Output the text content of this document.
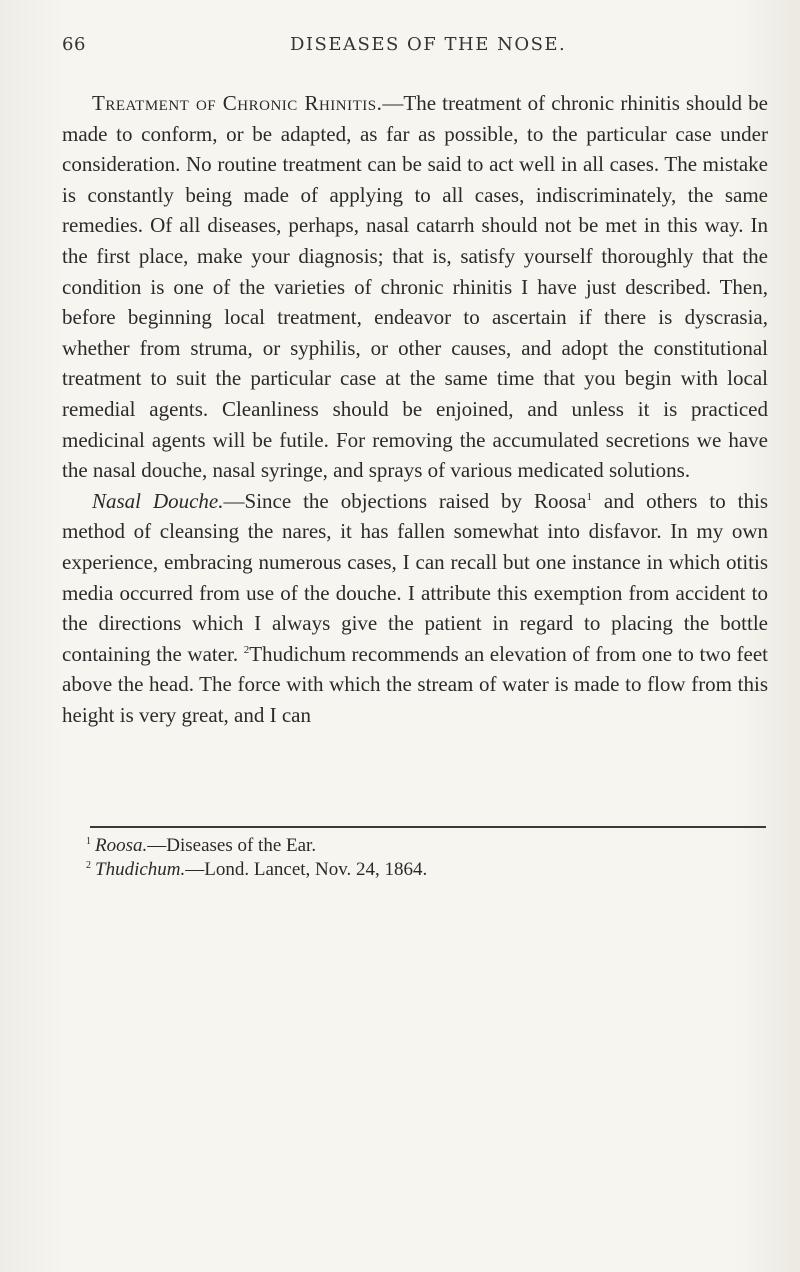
66	DISEASES OF THE NOSE.

Treatment of Chronic Rhinitis.—The treatment of chronic rhinitis should be made to conform, or be adapted, as far as possible, to the particular case under consideration. No routine treatment can be said to act well in all cases. The mistake is constantly being made of applying to all cases, indiscriminately, the same remedies. Of all diseases, perhaps, nasal catarrh should not be met in this way. In the first place, make your diagnosis; that is, satisfy yourself thoroughly that the condition is one of the varieties of chronic rhinitis I have just described. Then, before beginning local treatment, endeavor to ascertain if there is dyscrasia, whether from struma, or syphilis, or other causes, and adopt the constitutional treatment to suit the particular case at the same time that you begin with local remedial agents. Cleanliness should be enjoined, and unless it is practiced medicinal agents will be futile. For removing the accumulated secretions we have the nasal douche, nasal syringe, and sprays of various medicated solutions.

Nasal Douche.—Since the objections raised by Roosa$^1$ and others to this method of cleansing the nares, it has fallen somewhat into disfavor. In my own experience, embracing numerous cases, I can recall but one instance in which otitis media occurred from use of the douche. I attribute this exemption from accident to the directions which I always give the patient in regard to placing the bottle containing the water. $^2$Thudichum recommends an elevation of from one to two feet above the head. The force with which the stream of water is made to flow from this height is very great, and I can

$^1$ Roosa.—Diseases of the Ear.
$^2$ Thudichum.—Lond. Lancet, Nov. 24, 1864.
